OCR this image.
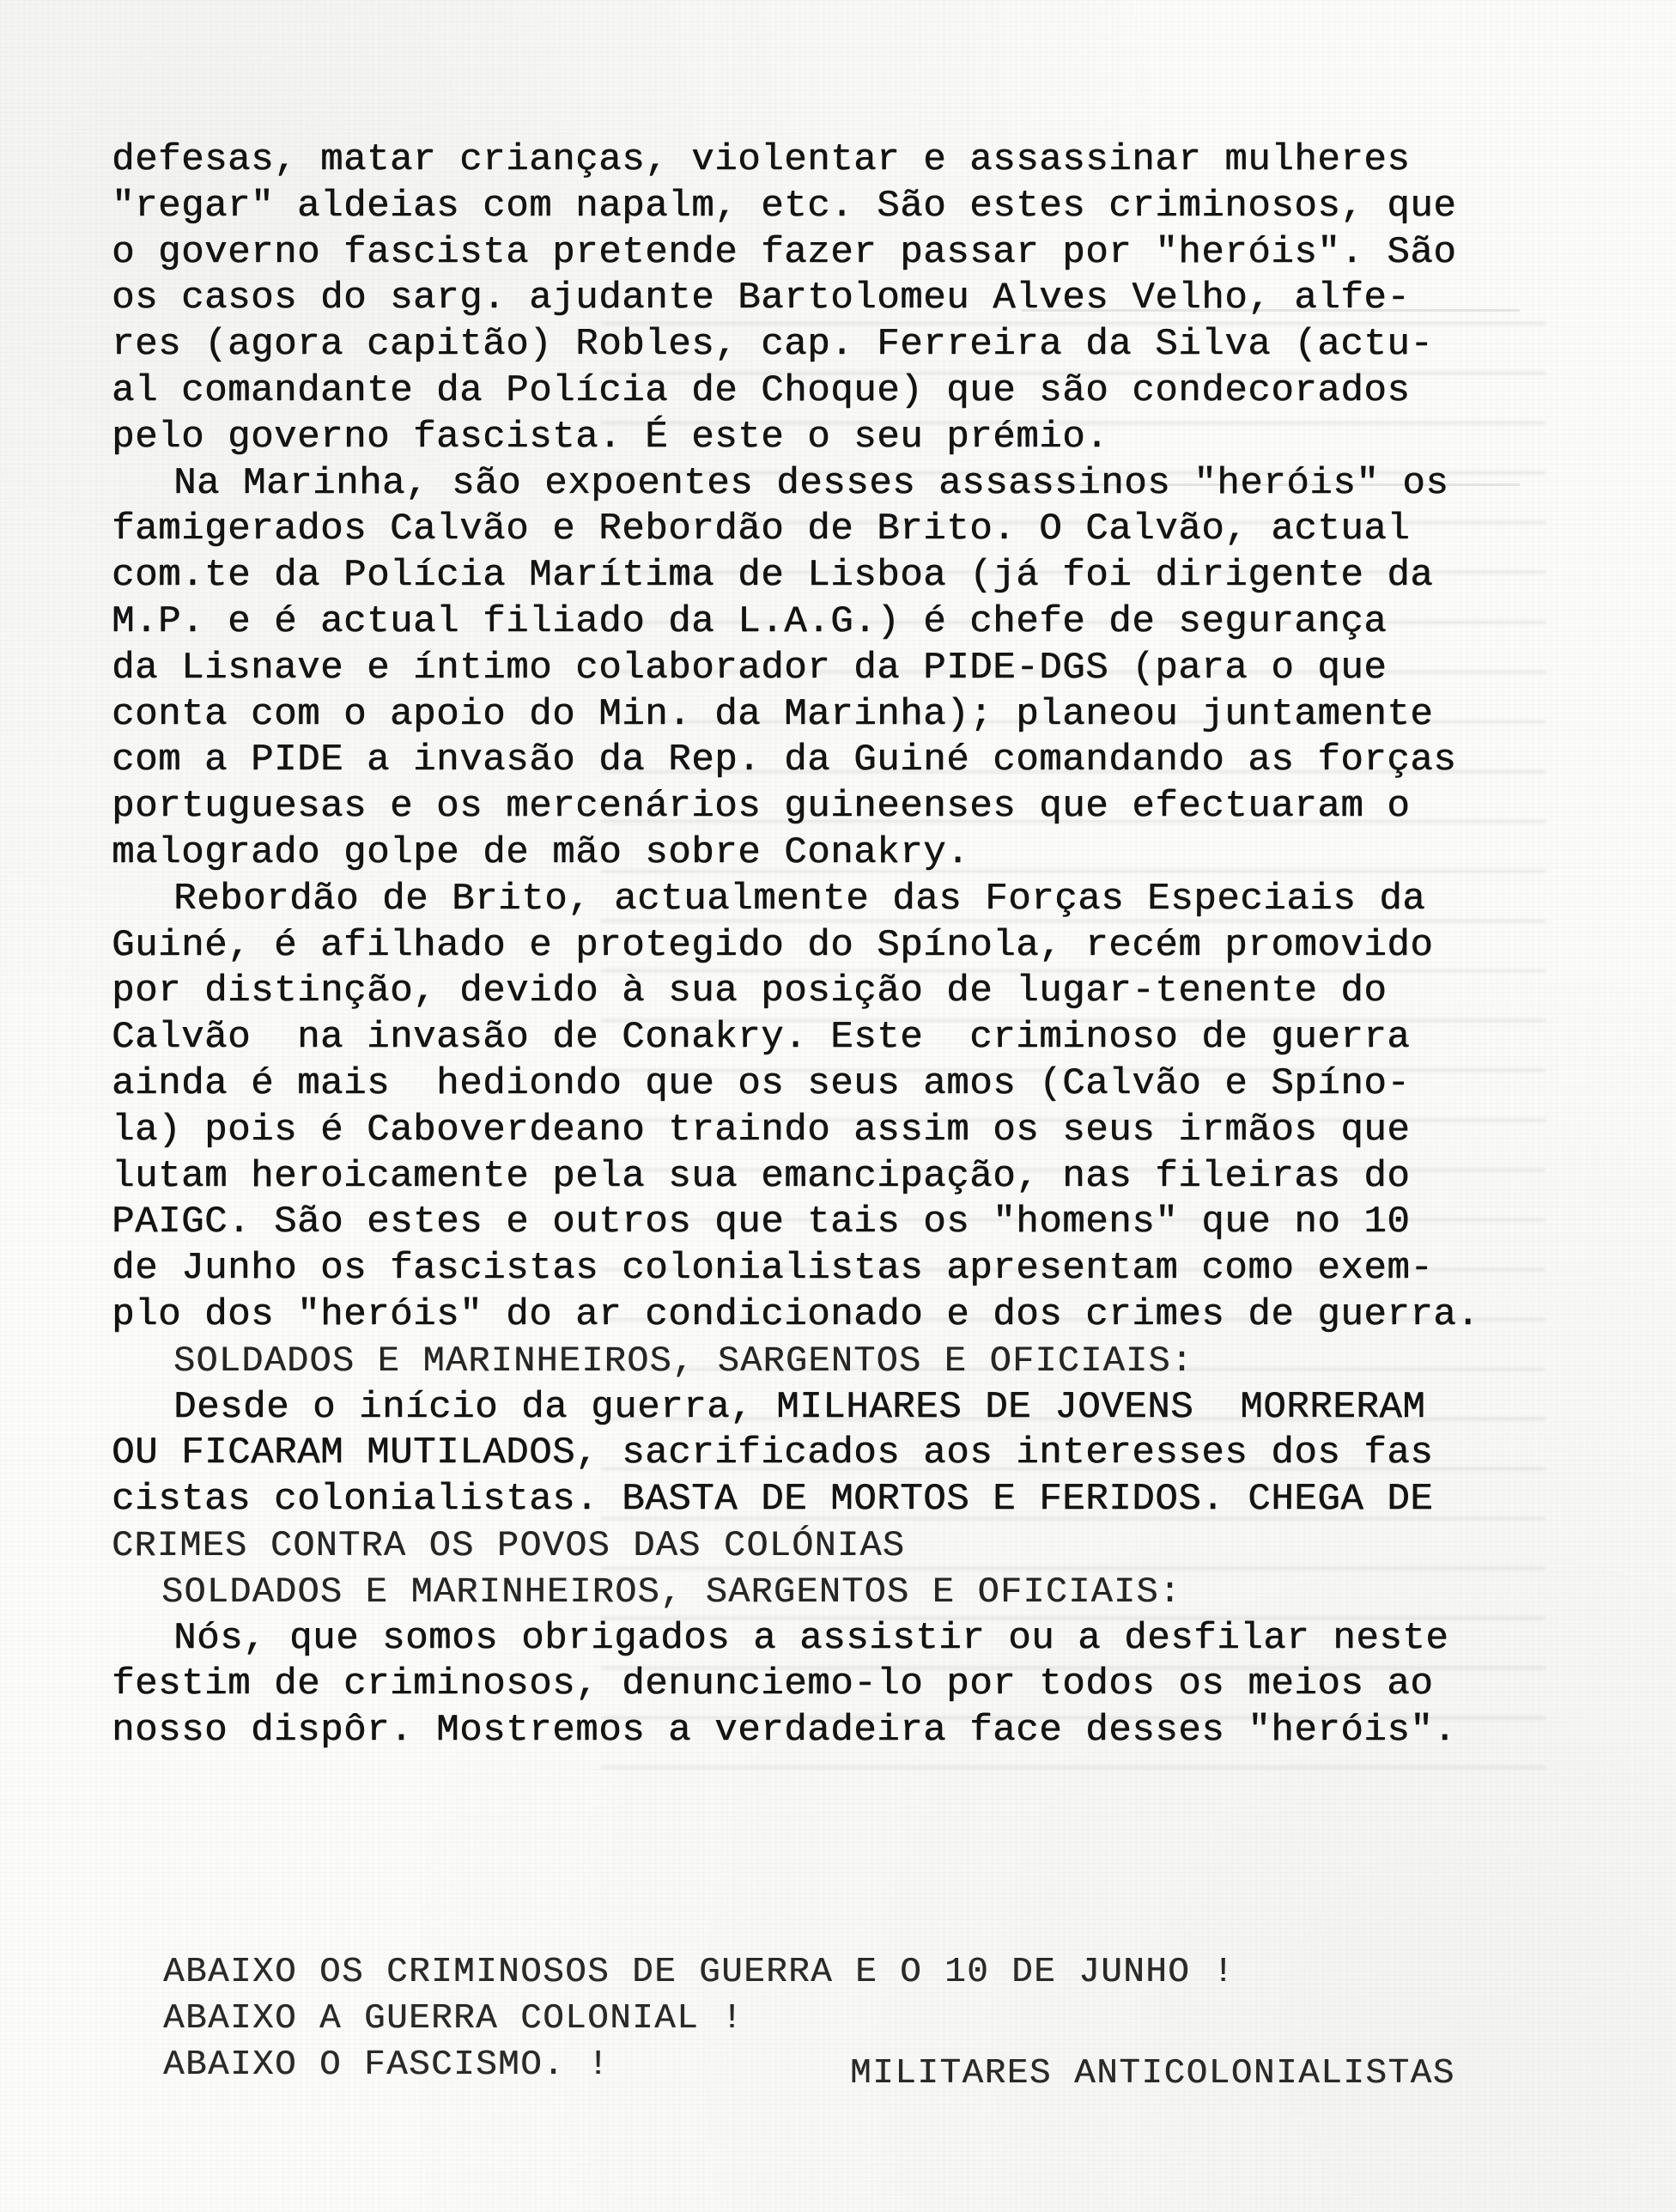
defesas, matar crianças, violentar e assassinar mulheres
"regar" aldeias com napalm, etc. São estes criminosos, que
o governo fascista pretende fazer passar por "heróis". São
os casos do sarg. ajudante Bartolomeu Alves Velho, alfe-
res (agora capitão) Robles, cap. Ferreira da Silva (actu-
al comandante da Polícia de Choque) que são condecorados
pelo governo fascista. É este o seu prémio.
Na Marinha, são expoentes desses assassinos "heróis" os
famigerados Calvão e Rebordão de Brito. O Calvão, actual
com.te da Polícia Marítima de Lisboa (já foi dirigente da
M.P. e é actual filiado da L.A.G.) é chefe de segurança
da Lisnave e íntimo colaborador da PIDE-DGS (para o que
conta com o apoio do Min. da Marinha); planeou juntamente
com a PIDE a invasão da Rep. da Guiné comandando as forças
portuguesas e os mercenários guineenses que efectuaram o
malogrado golpe de mão sobre Conakry.
Rebordão de Brito, actualmente das Forças Especiais da
Guiné, é afilhado e protegido do Spínola, recém promovido
por distinção, devido à sua posição de lugar-tenente do
Calvão  na invasão de Conakry. Este  criminoso de guerra
ainda é mais  hediondo que os seus amos (Calvão e Spíno-
la) pois é Caboverdeano traindo assim os seus irmãos que
lutam heroicamente pela sua emancipação, nas fileiras do
PAIGC. São estes e outros que tais os "homens" que no 10
de Junho os fascistas colonialistas apresentam como exem-
plo dos "heróis" do ar condicionado e dos crimes de guerra.
SOLDADOS E MARINHEIROS, SARGENTOS E OFICIAIS:
Desde o início da guerra, MILHARES DE JOVENS  MORRERAM
OU FICARAM MUTILADOS, sacrificados aos interesses dos fas
cistas colonialistas. BASTA DE MORTOS E FERIDOS. CHEGA DE
CRIMES CONTRA OS POVOS DAS COLÓNIAS
SOLDADOS E MARINHEIROS, SARGENTOS E OFICIAIS:
Nós, que somos obrigados a assistir ou a desfilar neste
festim de criminosos, denunciemo-lo por todos os meios ao
nosso dispôr. Mostremos a verdadeira face desses "heróis".
ABAIXO OS CRIMINOSOS DE GUERRA E O 10 DE JUNHO !
ABAIXO A GUERRA COLONIAL !
ABAIXO O FASCISMO. !	MILITARES ANTICOLONIALISTAS
